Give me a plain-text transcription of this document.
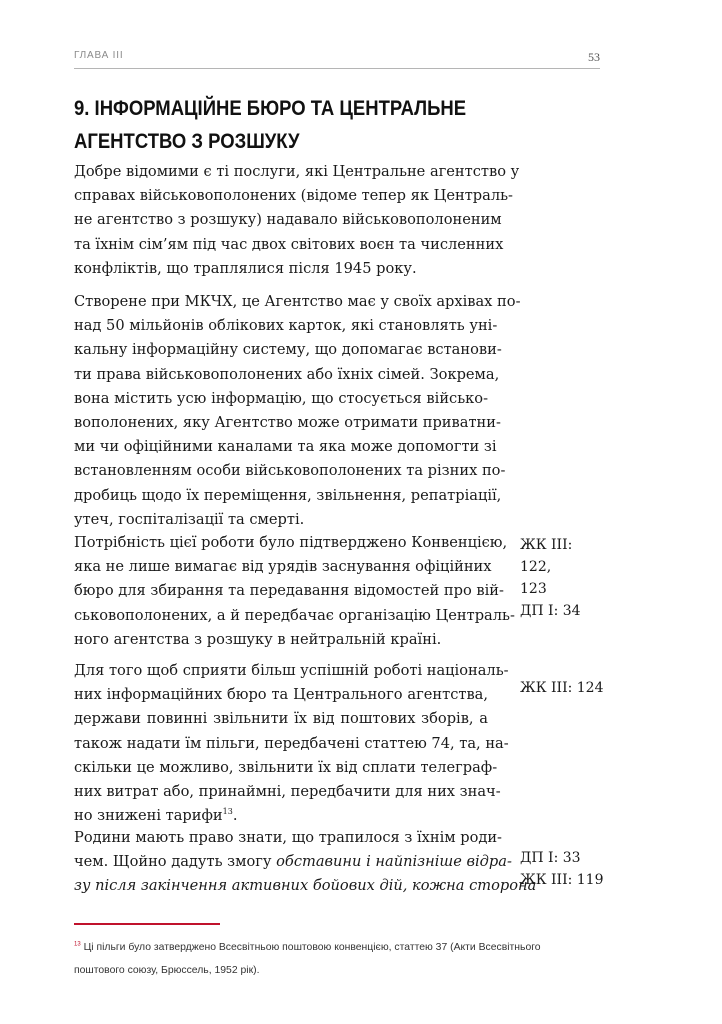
ГЛАВА III	53
9. ІНФОРМАЦІЙНЕ БЮРО ТА ЦЕНТРАЛЬНЕ
АГЕНТСТВО З РОЗШУКУ
Добре відомими є ті послуги, які Центральне агентство у
справах військовополонених (відоме тепер як Централь-
не агентство з розшуку) надавало військовополоненим
та їхнім сім’ям під час двох світових воєн та численних
конфліктів, що траплялися після 1945 року.
Створене при МКЧХ, це Агентство має у своїх архівах по-
над 50 мільйонів облікових карток, які становлять уні-
кальну інформаційну систему, що допомагає встанови-
ти права військовополонених або їхніх сімей. Зокрема,
вона містить усю інформацію, що стосується військо-
вополонених, яку Агентство може отримати приватни-
ми чи офіційними каналами та яка може допомогти зі
встановленням особи військовополонених та різних по-
дробиць щодо їх переміщення, звільнення, репатріації,
утеч, госпіталізації та смерті.
Потрібність цієї роботи було підтверджено Конвенцією,
яка не лише вимагає від урядів заснування офіційних
бюро для збирання та передавання відомостей про вій-
ськовополонених, а й передбачає організацію Централь-
ного агентства з розшуку в нейтральній країні.
ЖК III:
122,
123
ДП I: 34
Для того щоб сприяти більш успішній роботі національ-
них інформаційних бюро та Центрального агентства,
держави повинні звільнити їх від поштових зборів, а
також надати їм пільги, передбачені статтею 74, та, на-
скільки це можливо, звільнити їх від сплати телеграф-
них витрат або, принаймні, передбачити для них знач-
но знижені тарифи$^{13}$.
ЖК III: 124
Родини мають право знати, що трапилося з їхнім роди-
чем. Щойно дадуть змогу обставини і найпізніше відра-
зу після закінчення активних бойових дій, кожна сторона
ДП I: 33
ЖК III: 119
$^{13}$ Ці пільги було затверджено Всесвітньою поштовою конвенцією, статтею 37 (Акти Всесвітнього
поштового союзу, Брюссель, 1952 рік).
